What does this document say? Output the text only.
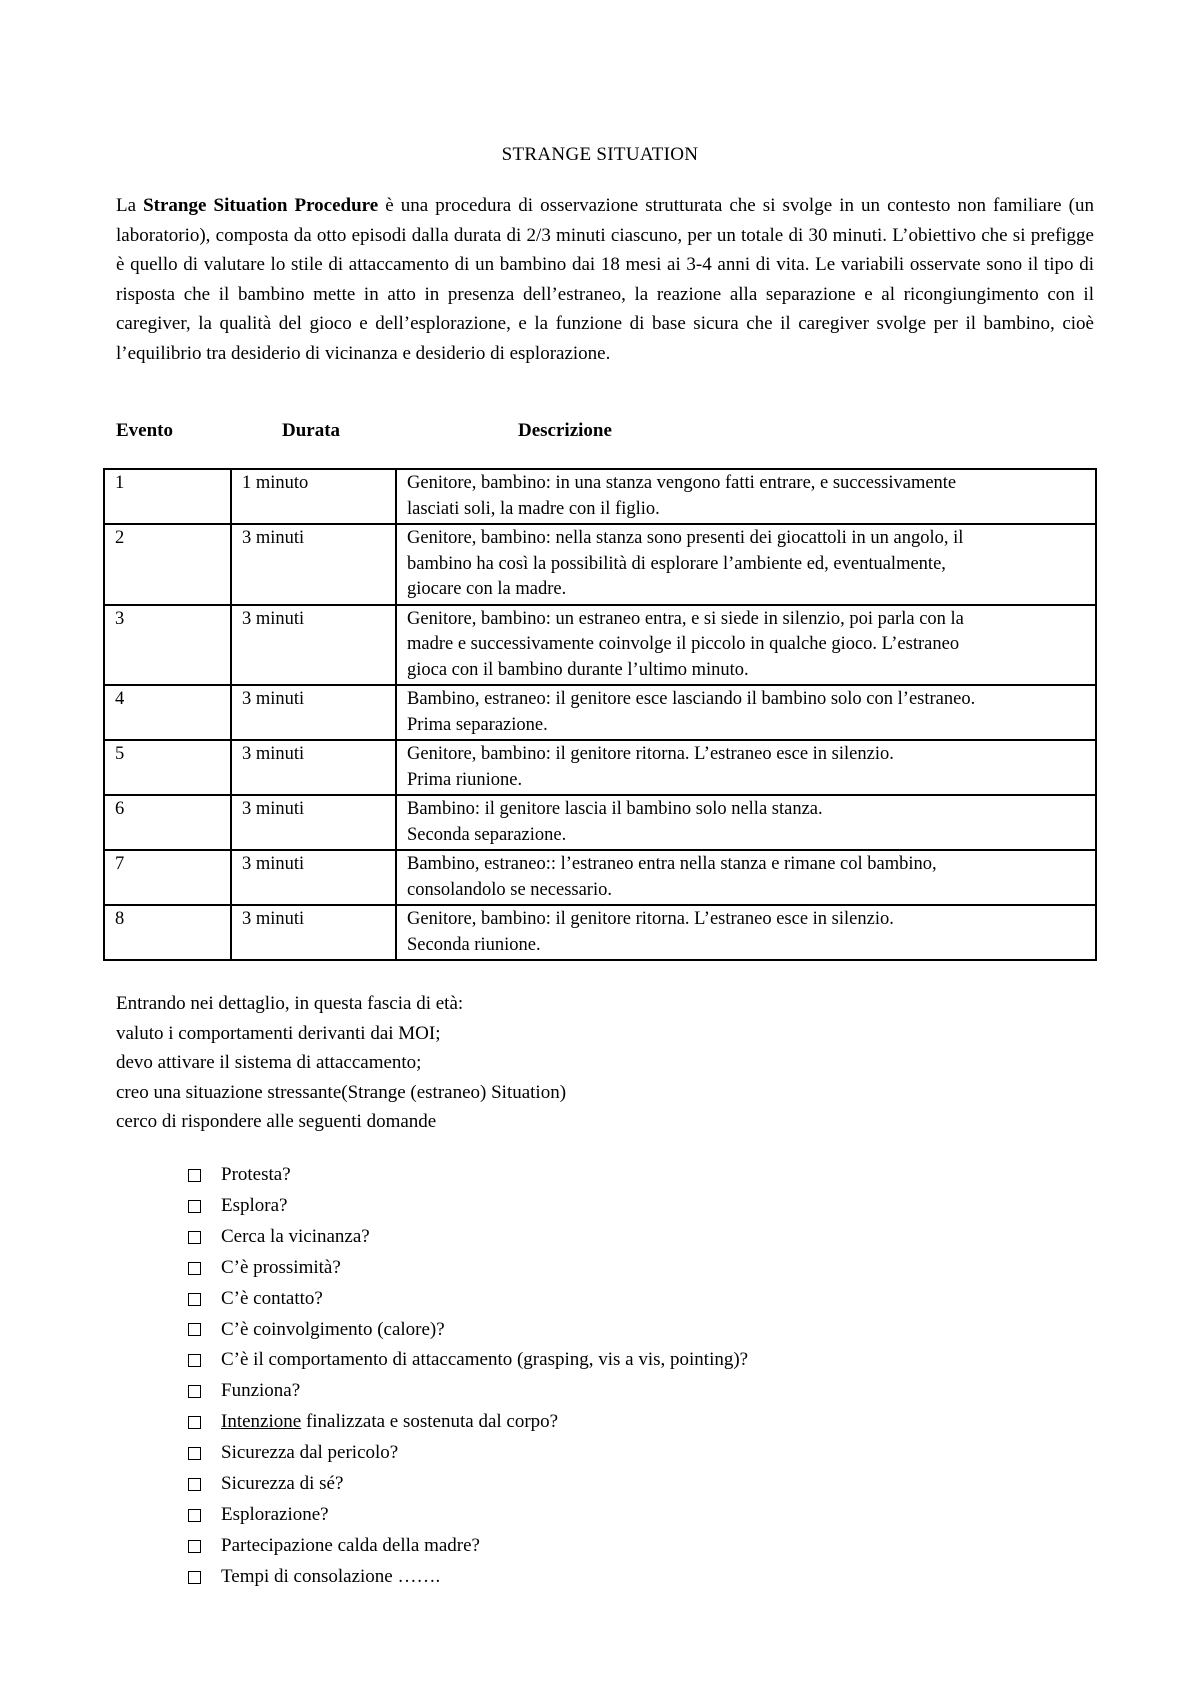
STRANGE SITUATION
La Strange Situation Procedure è una procedura di osservazione strutturata che si svolge in un contesto non familiare (un laboratorio), composta da otto episodi dalla durata di 2/3 minuti ciascuno, per un totale di 30 minuti. L’obiettivo che si prefigge è quello di valutare lo stile di attaccamento di un bambino dai 18 mesi ai 3-4 anni di vita. Le variabili osservate sono il tipo di risposta che il bambino mette in atto in presenza dell’estraneo, la reazione alla separazione e al ricongiungimento con il caregiver, la qualità del gioco e dell’esplorazione, e la funzione di base sicura che il caregiver svolge per il bambino, cioè l’equilibrio tra desiderio di vicinanza e desiderio di esplorazione.
Evento	Durata	Descrizione
1	1 minuto	Genitore, bambino: in una stanza vengono fatti entrare, e successivamente
lasciati soli, la madre con il figlio.

2	3 minuti	Genitore, bambino: nella stanza sono presenti dei giocattoli in un angolo, il
bambino ha così la possibilità di esplorare l’ambiente ed, eventualmente,
giocare con la madre.

3	3 minuti	Genitore, bambino: un estraneo entra, e si siede in silenzio, poi parla con la
madre e successivamente coinvolge il piccolo in qualche gioco. L’estraneo
gioca con il bambino durante l’ultimo minuto.

4	3 minuti	Bambino, estraneo: il genitore esce lasciando il bambino solo con l’estraneo.
Prima separazione.

5	3 minuti	Genitore, bambino: il genitore ritorna. L’estraneo esce in silenzio.
Prima riunione.

6	3 minuti	Bambino: il genitore lascia il bambino solo nella stanza.
Seconda separazione.

7	3 minuti	Bambino, estraneo:: l’estraneo entra nella stanza e rimane col bambino,
consolandolo se necessario.

8	3 minuti	Genitore, bambino: il genitore ritorna. L’estraneo esce in silenzio.
Seconda riunione.
Entrando nei dettaglio, in questa fascia di età:
valuto i comportamenti derivanti dai MOI;
devo attivare il sistema di attaccamento;
creo una situazione stressante(Strange (estraneo) Situation)
cerco di rispondere alle seguenti domande
Protesta?
Esplora?
Cerca la vicinanza?
C’è prossimità?
C’è contatto?
C’è coinvolgimento (calore)?
C’è il comportamento di attaccamento (grasping, vis a vis, pointing)?
Funziona?
Intenzione finalizzata e sostenuta dal corpo?
Sicurezza dal pericolo?
Sicurezza di sé?
Esplorazione?
Partecipazione calda della madre?
Tempi di consolazione …….
